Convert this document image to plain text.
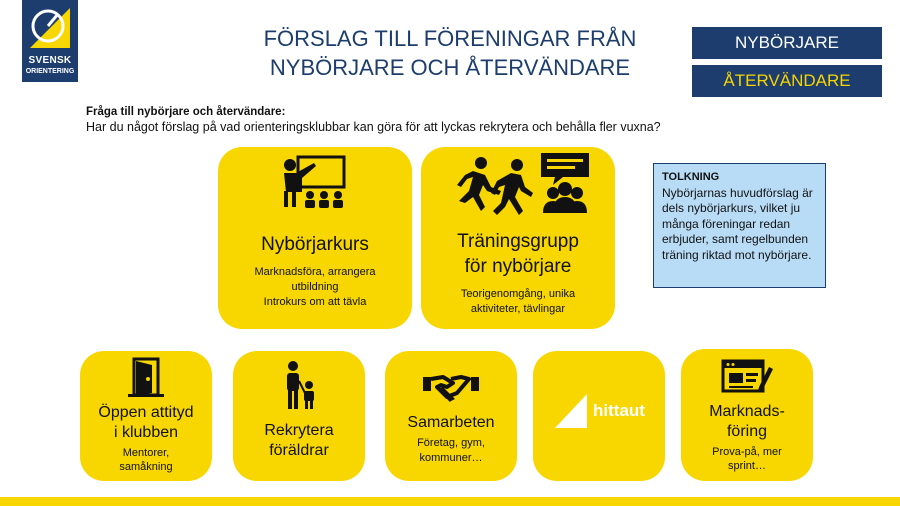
SVENSK
ORIENTERING
FÖRSLAG TILL FÖRENINGAR FRÅN
NYBÖRJARE OCH ÅTERVÄNDARE
NYBÖRJARE
ÅTERVÄNDARE
Fråga till nybörjare och återvändare:
Har du något förslag på vad orienteringsklubbar kan göra för att lyckas rekrytera och behålla fler vuxna?
Nybörjarkurs
Marknadsföra, arrangera
utbildning
Introkurs om att tävla
Träningsgrupp
för nybörjare
Teorigenomgång, unika
aktiviteter, tävlingar
TOLKNING
Nybörjarnas huvudförslag är dels nybörjarkurs, vilket ju många föreningar redan erbjuder, samt regelbunden träning riktad mot nybörjare.
Öppen attityd
i klubben
Mentorer,
samåkning
Rekrytera
föräldrar
Samarbeten
Företag, gym,
kommuner…
hittaut	Marknads-
föring
Prova-på, mer
sprint…
